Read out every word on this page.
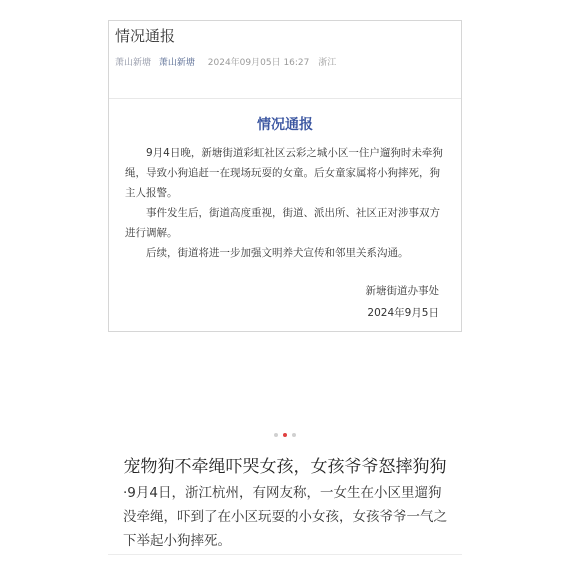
情况通报
萧山新塘 萧山新塘 2024年09月05日 16:27 浙江
情况通报

9月4日晚，新塘街道彩虹社区云彩之城小区一住户遛狗时未牵狗绳，导致小狗追赶一在现场玩耍的女童。后女童家属将小狗摔死，狗主人报警。

事件发生后，街道高度重视，街道、派出所、社区正对涉事双方进行调解。

后续，街道将进一步加强文明养犬宣传和邻里关系沟通。

新塘街道办事处
2024年9月5日
宠物狗不牵绳吓哭女孩，女孩爷爷怒摔狗狗
·9月4日，浙江杭州，有网友称，一女生在小区里遛狗没牵绳，吓到了在小区玩耍的小女孩，女孩爷爷一气之下举起小狗摔死。
